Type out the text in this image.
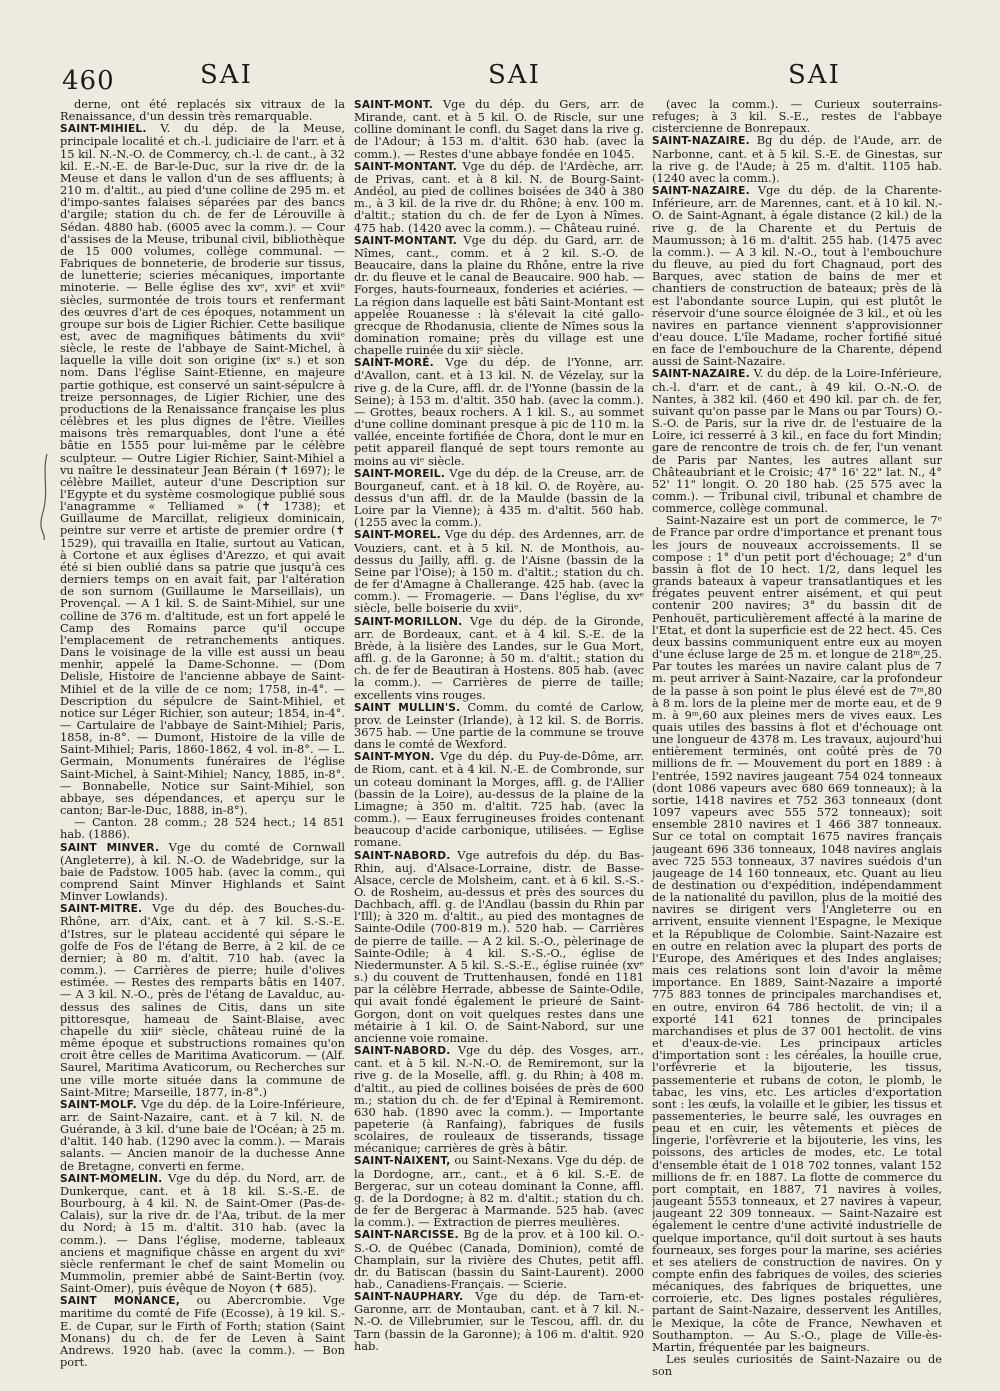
460	SAI	SAI	SAI

derne, ont été replacés six vitraux de la Renaissance, d'un dessin très remarquable.

SAINT-MIHIEL. V. du dép. de la Meuse, principale localité et ch.-l. judiciaire de l'arr. et à 15 kil. N.-N.-O. de Commercy, ch.-l. de cant., à 32 kil. E.-N.-E. de Bar-le-Duc, sur la rive dr. de la Meuse et dans le vallon d'un de ses affluents; à 210 m. d'altit., au pied d'une colline de 295 m. et d'impo-santes falaises séparées par des bancs d'argile; station du ch. de fer de Lérouville à Sédan. 4880 hab. (6005 avec la comm.). — Cour d'assises de la Meuse, tribunal civil, bibliothèque de 15 000 volumes, collège communal. — Fabriques de bonneterie, de broderie sur tissus, de lunetterie; scieries mécaniques, importante minoterie. — Belle église des xvᵉ, xviᵉ et xviiᵉ siècles, surmontée de trois tours et renfermant des œuvres d'art de ces époques, notamment un groupe sur bois de Ligier Richier. Cette basilique est, avec de magnifiques bâtiments du xviiᵉ siècle, le reste de l'abbaye de Saint-Michel, à laquelle la ville doit son origine (ixᵉ s.) et son nom. Dans l'église Saint-Etienne, en majeure partie gothique, est conservé un saint-sépulcre à treize personnages, de Ligier Richier, une des productions de la Renaissance française les plus célèbres et les plus dignes de l'être. Vieilles maisons très remarquables, dont l'une a été bâtie en 1555 pour lui-même par le célèbre sculpteur. — Outre Ligier Richier, Saint-Mihiel a vu naître le dessinateur Jean Bérain (✝ 1697); le célèbre Maillet, auteur d'une Description sur l'Egypte et du système cosmologique publié sous l'anagramme « Telliamed » (✝ 1738); et Guillaume de Marcillat, religieux dominicain, peintre sur verre et artiste de premier ordre (✝ 1529), qui travailla en Italie, surtout au Vatican, à Cortone et aux églises d'Arezzo, et qui avait été si bien oublié dans sa patrie que jusqu'à ces derniers temps on en avait fait, par l'altération de son surnom (Guillaume le Marseillais), un Provençal. — A 1 kil. S. de Saint-Mihiel, sur une colline de 376 m. d'altitude, est un fort appelé le Camp des Romains parce qu'il occupe l'emplacement de retranchements antiques. Dans le voisinage de la ville est aussi un beau menhir, appelé la Dame-Schonne. — (Dom Delisle, Histoire de l'ancienne abbaye de Saint-Mihiel et de la ville de ce nom; 1758, in-4°. — Description du sépulcre de Saint-Mihiel, et notice sur Léger Richier, son auteur; 1854, in-4°. — Cartulaire de l'abbaye de Saint-Mihiel; Paris, 1858, in-8°. — Dumont, Histoire de la ville de Saint-Mihiel; Paris, 1860-1862, 4 vol. in-8°. — L. Germain, Monuments funéraires de l'église Saint-Michel, à Saint-Mihiel; Nancy, 1885, in-8°. — Bonnabelle, Notice sur Saint-Mihiel, son abbaye, ses dépendances, et aperçu sur le canton; Bar-le-Duc, 1888, in-8°).

— Canton. 28 comm.; 28 524 hect.; 14 851 hab. (1886).

SAINT MINVER. Vge du comté de Cornwall (Angleterre), à kil. N.-O. de Wadebridge, sur la baie de Padstow. 1005 hab. (avec la comm., qui comprend Saint Minver Highlands et Saint Minver Lowlands).

SAINT-MITRE. Vge du dép. des Bouches-du-Rhône, arr. d'Aix, cant. et à 7 kil. S.-S.-E. d'Istres, sur le plateau accidenté qui sépare le golfe de Fos de l'étang de Berre, à 2 kil. de ce dernier; à 80 m. d'altit. 710 hab. (avec la comm.). — Carrières de pierre; huile d'olives estimée. — Restes des remparts bâtis en 1407. — A 3 kil. N.-O., près de l'étang de Lavalduc, au-dessus des salines de Citis, dans un site pittoresque, hameau de Saint-Blaise, avec chapelle du xiiiᵉ siècle, château ruiné de la même époque et substructions romaines qu'on croit être celles de Maritima Avaticorum. — (Alf. Saurel, Maritima Avaticorum, ou Recherches sur une ville morte située dans la commune de Saint-Mitre; Marseille, 1877, in-8°.)

SAINT-MOLF. Vge du dép. de la Loire-Inférieure, arr. de Saint-Nazaire, cant. et à 7 kil. N. de Guérande, à 3 kil. d'une baie de l'Océan; à 25 m. d'altit. 140 hab. (1290 avec la comm.). — Marais salants. — Ancien manoir de la duchesse Anne de Bretagne, converti en ferme.

SAINT-MOMELIN. Vge du dép. du Nord, arr. de Dunkerque, cant. et à 18 kil. S.-S.-E. de Bourbourg, à 4 kil. N. de Saint-Omer (Pas-de-Calais), sur la rive dr. de l'Aa, tribut. de la mer du Nord; à 15 m. d'altit. 310 hab. (avec la comm.). — Dans l'église, moderne, tableaux anciens et magnifique châsse en argent du xviᵉ siècle renfermant le chef de saint Momelin ou Mummolin, premier abbé de Saint-Bertin (voy. Saint-Omer), puis évêque de Noyon (✝ 685).

SAINT MONANCE, ou Abercrombie. Vge maritime du comté de Fife (Ecosse), à 19 kil. S.-E. de Cupar, sur le Firth of Forth; station (Saint Monans) du ch. de fer de Leven à Saint Andrews. 1920 hab. (avec la comm.). — Bon port.

SAINT-MONT. Vge du dép. du Gers, arr. de Mirande, cant. et à 5 kil. O. de Riscle, sur une colline dominant le confl. du Saget dans la rive g. de l'Adour; à 153 m. d'altit. 630 hab. (avec la comm.). — Restes d'une abbaye fondée en 1045.

SAINT-MONTANT. Vge du dép. de l'Ardèche, arr. de Privas, cant. et à 8 kil. N. de Bourg-Saint-Andéol, au pied de collines boisées de 340 à 380 m., à 3 kil. de la rive dr. du Rhône; à env. 100 m. d'altit.; station du ch. de fer de Lyon à Nîmes. 475 hab. (1420 avec la comm.). — Château ruiné.

SAINT-MONTANT. Vge du dép. du Gard, arr. de Nîmes, cant., comm. et à 2 kil. S.-O. de Beaucaire, dans la plaine du Rhône, entre la rive dr. du fleuve et le canal de Beaucaire. 900 hab. — Forges, hauts-fourneaux, fonderies et aciéries. — La région dans laquelle est bâti Saint-Montant est appelée Rouanesse : là s'élevait la cité gallo-grecque de Rhodanusia, cliente de Nîmes sous la domination romaine; près du village est une chapelle ruinée du xiiᵉ siècle.

SAINT-MORÉ. Vge du dép. de l'Yonne, arr. d'Avallon, cant. et à 13 kil. N. de Vézelay, sur la rive g. de la Cure, affl. dr. de l'Yonne (bassin de la Seine); à 153 m. d'altit. 350 hab. (avec la comm.). — Grottes, beaux rochers. A 1 kil. S., au sommet d'une colline dominant presque à pic de 110 m. la vallée, enceinte fortifiée de Chora, dont le mur en petit appareil flanqué de sept tours remonte au moins au viᵉ siècle.

SAINT-MOREIL. Vge du dép. de la Creuse, arr. de Bourganeuf, cant. et à 18 kil. O. de Royère, au-dessus d'un affl. dr. de la Maulde (bassin de la Loire par la Vienne); à 435 m. d'altit. 560 hab. (1255 avec la comm.).

SAINT-MOREL. Vge du dép. des Ardennes, arr. de Vouziers, cant. et à 5 kil. N. de Monthois, au-dessus du Jailly, affl. g. de l'Aisne (bassin de la Seine par l'Oise); à 150 m. d'altit.; station du ch. de fer d'Amagne à Challerange. 425 hab. (avec la comm.). — Fromagerie. — Dans l'église, du xvᵉ siècle, belle boiserie du xviiᵉ.

SAINT-MORILLON. Vge du dép. de la Gironde, arr. de Bordeaux, cant. et à 4 kil. S.-E. de la Brède, à la lisière des Landes, sur le Gua Mort, affl. g. de la Garonne; à 50 m. d'altit.; station du ch. de fer de Beautiran à Hostens. 805 hab. (avec la comm.). — Carrières de pierre de taille; excellents vins rouges.

SAINT MULLIN'S. Comm. du comté de Carlow, prov. de Leinster (Irlande), à 12 kil. S. de Borris. 3675 hab. — Une partie de la commune se trouve dans le comté de Wexford.

SAINT-MYON. Vge du dép. du Puy-de-Dôme, arr. de Riom, cant. et à 4 kil. N.-E. de Combronde, sur un coteau dominant la Morges, affl. g. de l'Allier (bassin de la Loire), au-dessus de la plaine de la Limagne; à 350 m. d'altit. 725 hab. (avec la comm.). — Eaux ferrugineuses froides contenant beaucoup d'acide carbonique, utilisées. — Eglise romane.

SAINT-NABORD. Vge autrefois du dép. du Bas-Rhin, auj. d'Alsace-Lorraine, distr. de Basse-Alsace, cercle de Molsheim, cant. et à 6 kil. S.-S.-O. de Rosheim, au-dessus et près des sources du Dachbach, affl. g. de l'Andlau (bassin du Rhin par l'Ill); à 320 m. d'altit., au pied des montagnes de Sainte-Odile (700-819 m.). 520 hab. — Carrières de pierre de taille. — A 2 kil. S.-O., pèlerinage de Sainte-Odile; à 4 kil. S.-S.-O., église de Niedermunster. A 5 kil. S.-S.-E., église ruinée (xvᵉ s.) du couvent de Truttenhausen, fondé en 1181 par la célèbre Herrade, abbesse de Sainte-Odile, qui avait fondé également le prieuré de Saint-Gorgon, dont on voit quelques restes dans une métairie à 1 kil. O. de Saint-Nabord, sur une ancienne voie romaine.

SAINT-NABORD. Vge du dép. des Vosges, arr., cant. et à 5 kil. N.-N.-O. de Remiremont, sur la rive g. de la Moselle, affl. g. du Rhin; à 408 m. d'altit., au pied de collines boisées de près de 600 m.; station du ch. de fer d'Epinal à Remiremont. 630 hab. (1890 avec la comm.). — Importante papeterie (à Ranfaing), fabriques de fusils scolaires, de rouleaux de tisserands, tissage mécanique; carrières de grès à bâtir.

SAINT-NAIXENT, ou Saint-Nexans. Vge du dép. de la Dordogne, arr., cant., et à 6 kil. S.-E. de Bergerac, sur un coteau dominant la Conne, affl. g. de la Dordogne; à 82 m. d'altit.; station du ch. de fer de Bergerac à Marmande. 525 hab. (avec la comm.). — Extraction de pierres meulières.

SAINT-NARCISSE. Bg de la prov. et à 100 kil. O.-S.-O. de Québec (Canada, Dominion), comté de Champlain, sur la rivière des Chutes, petit affl. dr. du Batiscan (bassin du Saint-Laurent). 2000 hab., Canadiens-Français. — Scierie.

SAINT-NAUPHARY. Vge du dép. de Tarn-et-Garonne, arr. de Montauban, cant. et à 7 kil. N.-N.-O. de Villebrumier, sur le Tescou, affl. dr. du Tarn (bassin de la Garonne); à 106 m. d'altit. 920 hab.

(avec la comm.). — Curieux souterrains-refuges; à 3 kil. S.-E., restes de l'abbaye cistercienne de Bonrepaux.

SAINT-NAZAIRE. Bg du dép. de l'Aude, arr. de Narbonne, cant. et à 5 kil. S.-E. de Ginestas, sur la rive g. de l'Aude; à 25 m. d'altit. 1105 hab. (1240 avec la comm.).

SAINT-NAZAIRE. Vge du dép. de la Charente-Inférieure, arr. de Marennes, cant. et à 10 kil. N.-O. de Saint-Agnant, à égale distance (2 kil.) de la rive g. de la Charente et du Pertuis de Maumusson; à 16 m. d'altit. 255 hab. (1475 avec la comm.). — A 3 kil. N.-O., tout à l'embouchure du fleuve, au pied du fort Chagnaud, port des Barques, avec station de bains de mer et chantiers de construction de bateaux; près de là est l'abondante source Lupin, qui est plutôt le réservoir d'une source éloignée de 3 kil., et où les navires en partance viennent s'approvisionner d'eau douce. L'île Madame, rocher fortifié situé en face de l'embouchure de la Charente, dépend aussi de Saint-Nazaire.

SAINT-NAZAIRE. V. du dép. de la Loire-Inférieure, ch.-l. d'arr. et de cant., à 49 kil. O.-N.-O. de Nantes, à 382 kil. (460 et 490 kil. par ch. de fer, suivant qu'on passe par le Mans ou par Tours) O.-S.-O. de Paris, sur la rive dr. de l'estuaire de la Loire, ici resserré à 3 kil., en face du fort Mindin; gare de rencontre de trois ch. de fer, l'un venant de Paris par Nantes, les autres allant sur Châteaubriant et le Croisic; 47° 16' 22" lat. N., 4° 52' 11" longit. O. 20 180 hab. (25 575 avec la comm.). — Tribunal civil, tribunal et chambre de commerce, collège communal.

Saint-Nazaire est un port de commerce, le 7ᵉ de France par ordre d'importance et prenant tous les jours de nouveaux accroissements. Il se compose : 1° d'un petit port d'échouage; 2° d'un bassin à flot de 10 hect. 1/2, dans lequel les grands bateaux à vapeur transatlantiques et les frégates peuvent entrer aisément, et qui peut contenir 200 navires; 3° du bassin dit de Penhouët, particulièrement affecté à la marine de l'Etat, et dont la superficie est de 22 hect. 45. Ces deux bassins communiquent entre eux au moyen d'une écluse large de 25 m. et longue de 218ᵐ,25. Par toutes les marées un navire calant plus de 7 m. peut arriver à Saint-Nazaire, car la profondeur de la passe à son point le plus élevé est de 7ᵐ,80 à 8 m. lors de la pleine mer de morte eau, et de 9 m. à 9ᵐ,60 aux pleines mers de vives eaux. Les quais utiles des bassins à flot et d'échouage ont une longueur de 4378 m. Les travaux, aujourd'hui entièrement terminés, ont coûté près de 70 millions de fr. — Mouvement du port en 1889 : à l'entrée, 1592 navires jaugeant 754 024 tonneaux (dont 1086 vapeurs avec 680 669 tonneaux); à la sortie, 1418 navires et 752 363 tonneaux (dont 1097 vapeurs avec 555 572 tonneaux); soit ensemble 2810 navires et 1 466 387 tonneaux. Sur ce total on comptait 1675 navires français jaugeant 696 336 tonneaux, 1048 navires anglais avec 725 553 tonneaux, 37 navires suédois d'un jaugeage de 14 160 tonneaux, etc. Quant au lieu de destination ou d'expédition, indépendamment de la nationalité du pavillon, plus de la moitié des navires se dirigent vers l'Angleterre ou en arrivent, ensuite viennent l'Espagne, le Mexique et la République de Colombie. Saint-Nazaire est en outre en relation avec la plupart des ports de l'Europe, des Amériques et des Indes anglaises; mais ces relations sont loin d'avoir la même importance. En 1889, Saint-Nazaire a importé 775 883 tonnes de principales marchandises et, en outre, environ 64 786 hectolit. de vin; il a exporté 141 621 tonnes de principales marchandises et plus de 37 001 hectolit. de vins et d'eaux-de-vie. Les principaux articles d'importation sont : les céréales, la houille crue, l'orfèvrerie et la bijouterie, les tissus, passementerie et rubans de coton, le plomb, le tabac, les vins, etc. Les articles d'exportation sont : les œufs, la volaille et le gibier, les tissus et passementeries, le beurre salé, les ouvrages en peau et en cuir, les vêtements et pièces de lingerie, l'orfèvrerie et la bijouterie, les vins, les poissons, des articles de modes, etc. Le total d'ensemble était de 1 018 702 tonnes, valant 152 millions de fr. en 1887. La flotte de commerce du port comptait, en 1887, 71 navires à voiles, jaugeant 5553 tonneaux, et 27 navires à vapeur, jaugeant 22 309 tonneaux. — Saint-Nazaire est également le centre d'une activité industrielle de quelque importance, qu'il doit surtout à ses hauts fourneaux, ses forges pour la marine, ses aciéries et ses ateliers de construction de navires. On y compte enfin des fabriques de voiles, des scieries mécaniques, des fabriques de briquettes, une corroierie, etc. Des lignes postales régulières, partant de Saint-Nazaire, desservent les Antilles, le Mexique, la côte de France, Newhaven et Southampton. — Au S.-O., plage de Ville-ès-Martin, fréquentée par les baigneurs.

Les seules curiosités de Saint-Nazaire ou de son
